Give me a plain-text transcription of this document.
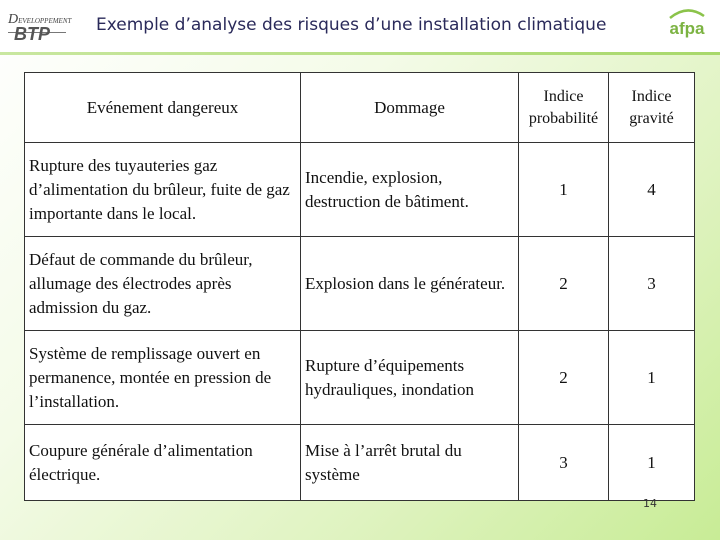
DEVELOPPEMENT
BTP	Exemple d’analyse des risques d’une installation climatique	afpa
Evénement dangereux	Dommage	Indice probabilité	Indice gravité
Rupture des tuyauteries gaz d’alimentation du brûleur, fuite de gaz importante dans le local.	Incendie, explosion, destruction de bâtiment.	1	4
Défaut de commande du brûleur, allumage des électrodes après admission du gaz.	Explosion dans le générateur.	2	3
Système de remplissage ouvert en permanence, montée en pression de l’installation.	Rupture d’équipements hydrauliques, inondation	2	1
Coupure générale d’alimentation électrique.	Mise à l’arrêt brutal du système	3	1
14
